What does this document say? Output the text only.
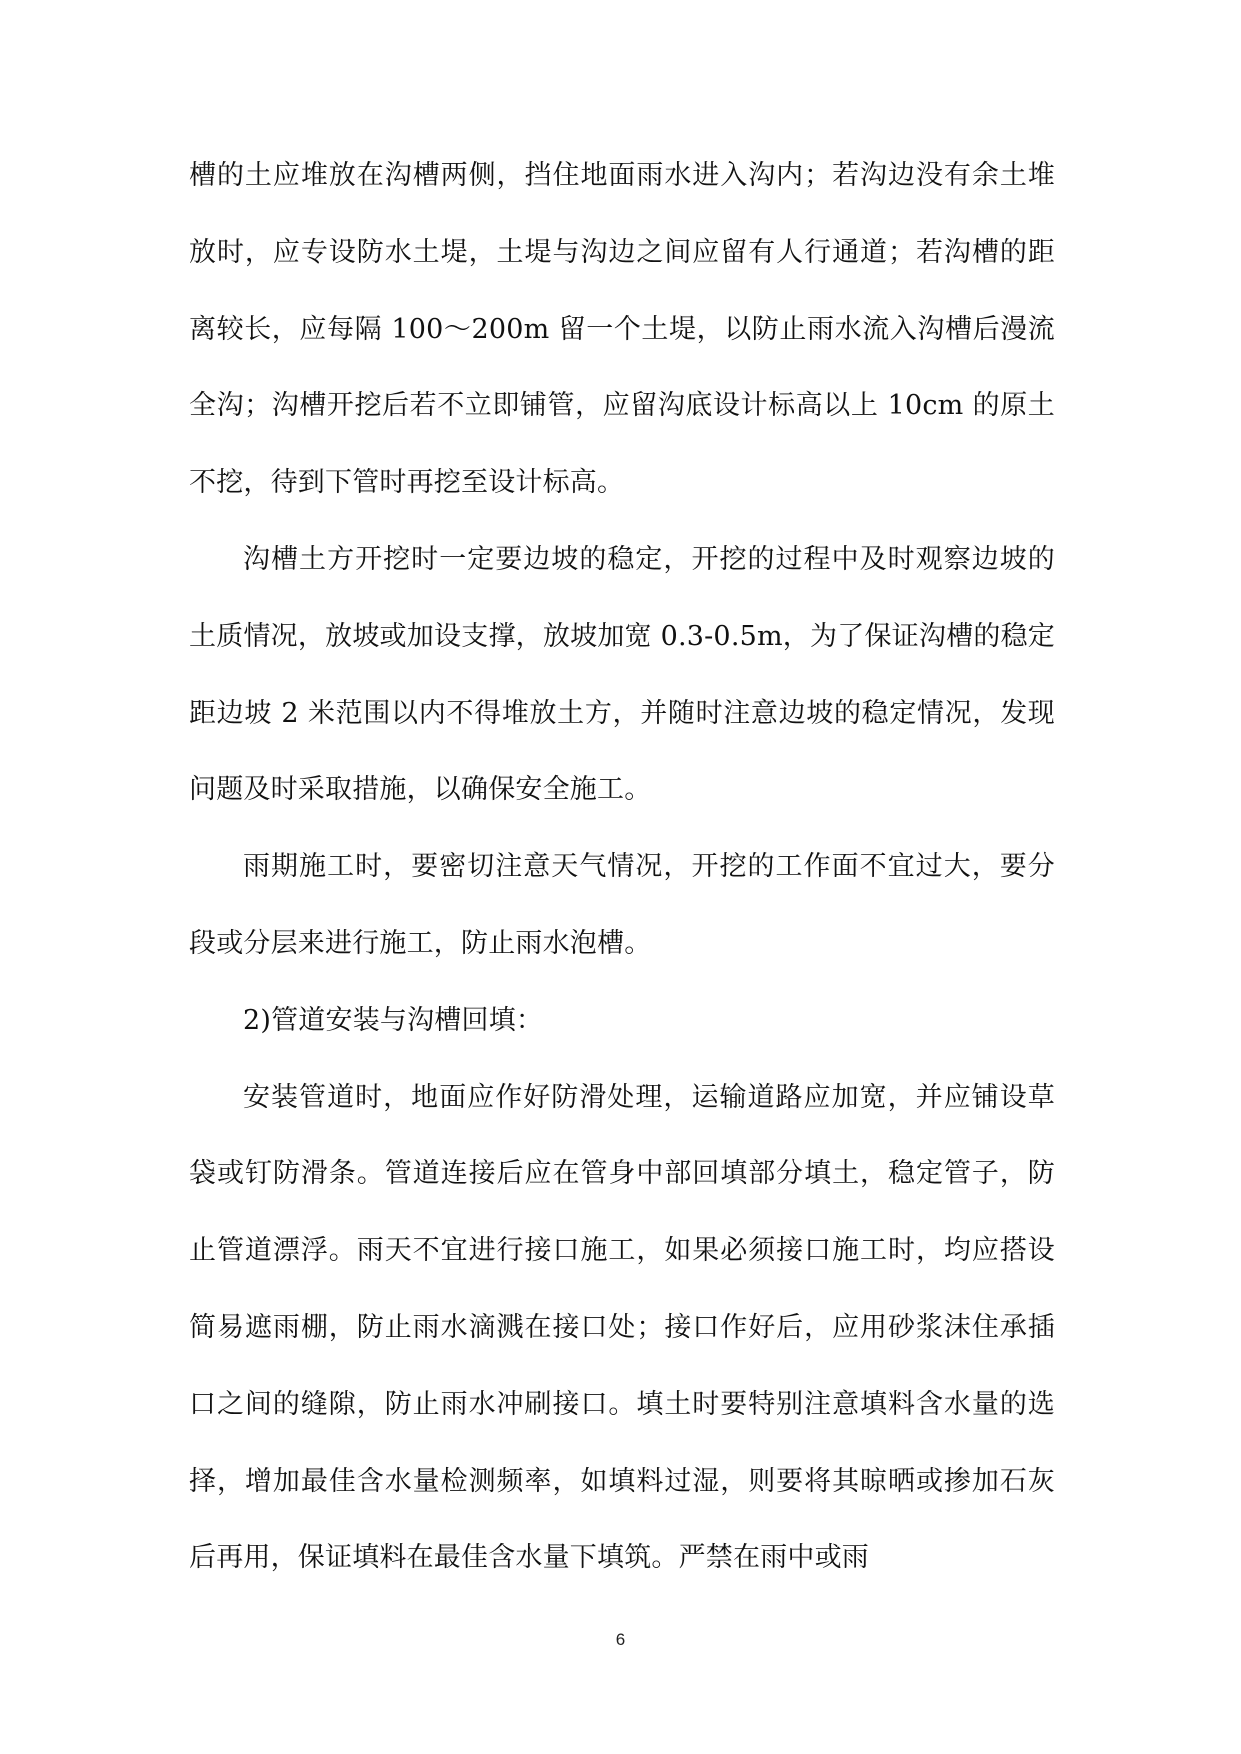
槽的土应堆放在沟槽两侧，挡住地面雨水进入沟内；若沟边没有余土堆放时，应专设防水土堤，土堤与沟边之间应留有人行通道；若沟槽的距离较长，应每隔 100～200m 留一个土堤，以防止雨水流入沟槽后漫流全沟；沟槽开挖后若不立即铺管，应留沟底设计标高以上 10cm 的原土不挖，待到下管时再挖至设计标高。

沟槽土方开挖时一定要边坡的稳定，开挖的过程中及时观察边坡的土质情况，放坡或加设支撑，放坡加宽 0.3-0.5m，为了保证沟槽的稳定距边坡 2 米范围以内不得堆放土方，并随时注意边坡的稳定情况，发现问题及时采取措施，以确保安全施工。

雨期施工时，要密切注意天气情况，开挖的工作面不宜过大，要分段或分层来进行施工，防止雨水泡槽。

2)管道安装与沟槽回填：

安装管道时，地面应作好防滑处理，运输道路应加宽，并应铺设草袋或钉防滑条。管道连接后应在管身中部回填部分填土，稳定管子，防止管道漂浮。雨天不宜进行接口施工，如果必须接口施工时，均应搭设简易遮雨棚，防止雨水滴溅在接口处；接口作好后，应用砂浆沫住承插口之间的缝隙，防止雨水冲刷接口。填土时要特别注意填料含水量的选择，增加最佳含水量检测频率，如填料过湿，则要将其晾晒或掺加石灰后再用，保证填料在最佳含水量下填筑。严禁在雨中或雨

6
